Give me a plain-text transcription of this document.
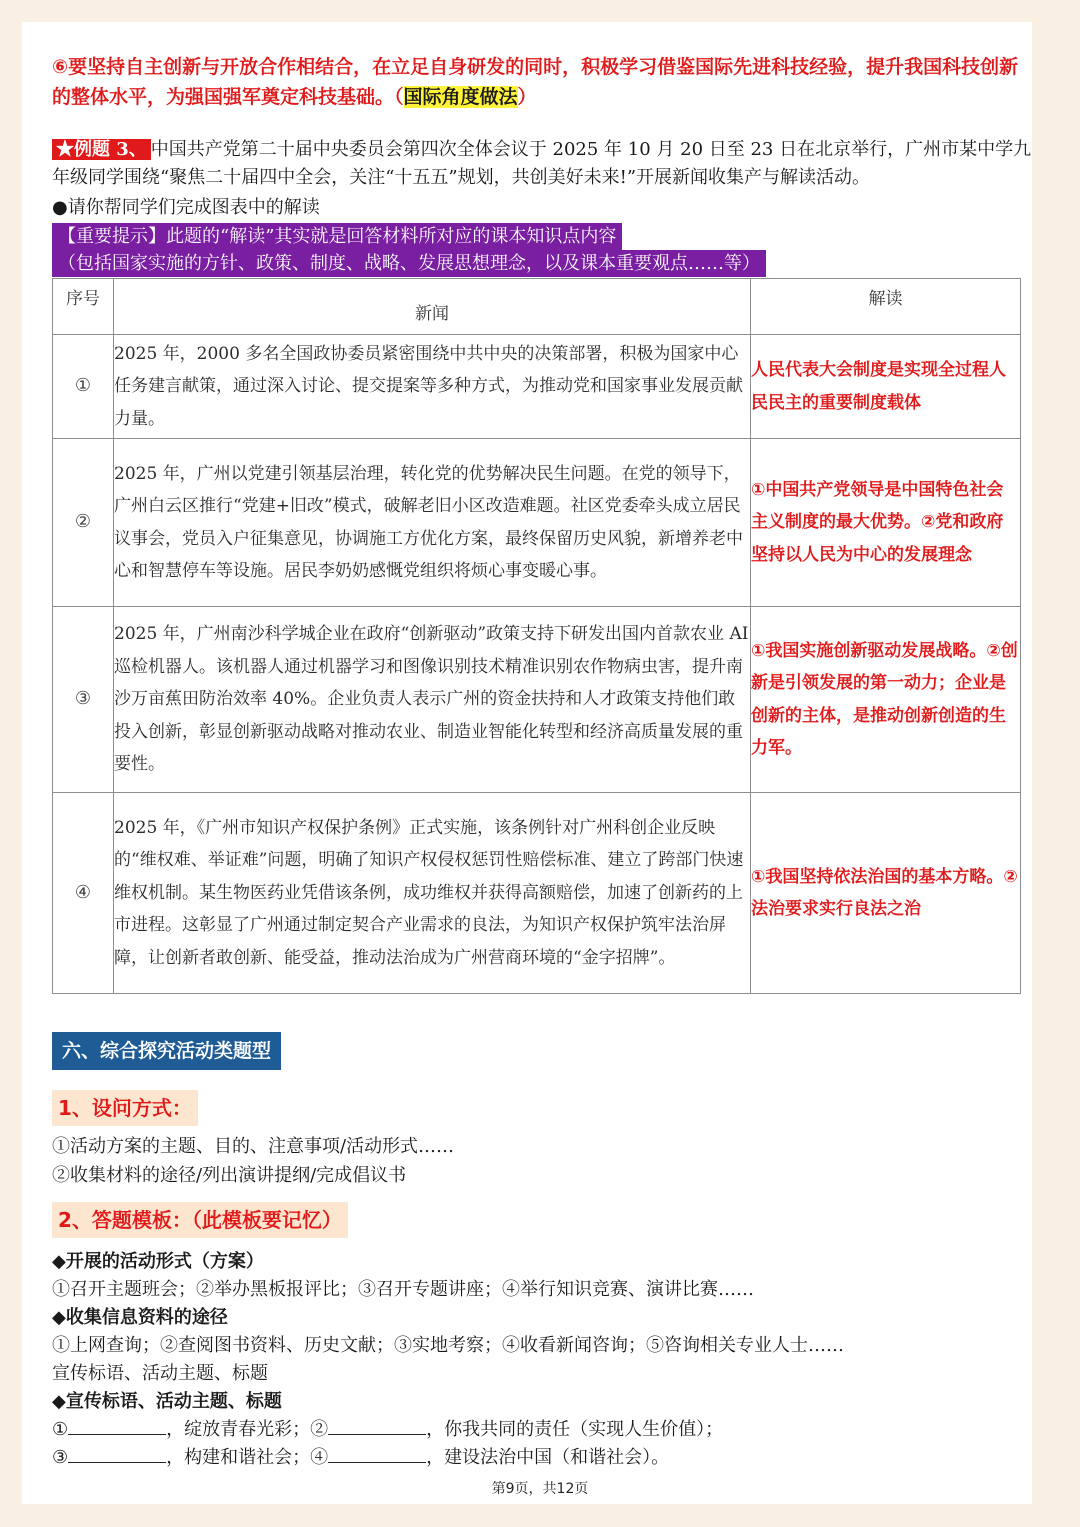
⑥要坚持自主创新与开放合作相结合，在立足自身研发的同时，积极学习借鉴国际先进科技经验，提升我国科技创新的整体水平，为强国强军奠定科技基础。（国际角度做法）
★例题 3、 中国共产党第二十届中央委员会第四次全体会议于 2025 年 10 月 20 日至 23 日在北京举行，广州市某中学九年级同学围绕“聚焦二十届四中全会，关注“十五五”规划，共创美好未来!”开展新闻收集产与解读活动。
●请你帮同学们完成图表中的解读
【重要提示】此题的“解读”其实就是回答材料所对应的课本知识点内容
（包括国家实施的方针、政策、制度、战略、发展思想理念，以及课本重要观点……等）
序号	新闻	解读
①	2025 年，2000 多名全国政协委员紧密围绕中共中央的决策部署，积极为国家中心任务建言献策，通过深入讨论、提交提案等多种方式，为推动党和国家事业发展贡献力量。	人民代表大会制度是实现全过程人民民主的重要制度载体
②	2025 年，广州以党建引领基层治理，转化党的优势解决民生问题。在党的领导下，广州白云区推行“党建+旧改”模式，破解老旧小区改造难题。社区党委牵头成立居民议事会，党员入户征集意见，协调施工方优化方案，最终保留历史风貌，新增养老中心和智慧停车等设施。居民李奶奶感慨党组织将烦心事变暖心事。	①中国共产党领导是中国特色社会主义制度的最大优势。②党和政府坚持以人民为中心的发展理念
③	2025 年，广州南沙科学城企业在政府“创新驱动”政策支持下研发出国内首款农业 AI 巡检机器人。该机器人通过机器学习和图像识别技术精准识别农作物病虫害，提升南沙万亩蕉田防治效率 40%。企业负责人表示广州的资金扶持和人才政策支持他们敢投入创新，彰显创新驱动战略对推动农业、制造业智能化转型和经济高质量发展的重要性。	①我国实施创新驱动发展战略。②创新是引领发展的第一动力；企业是创新的主体，是推动创新创造的生力军。
④	2025 年，《广州市知识产权保护条例》正式实施，该条例针对广州科创企业反映的“维权难、举证难”问题，明确了知识产权侵权惩罚性赔偿标准、建立了跨部门快速维权机制。某生物医药业凭借该条例，成功维权并获得高额赔偿，加速了创新药的上市进程。这彰显了广州通过制定契合产业需求的良法，为知识产权保护筑牢法治屏障，让创新者敢创新、能受益，推动法治成为广州营商环境的“金字招牌”。	①我国坚持依法治国的基本方略。②法治要求实行良法之治
六、综合探究活动类题型
1、设问方式：
①活动方案的主题、目的、注意事项/活动形式……
②收集材料的途径/列出演讲提纲/完成倡议书
2、答题模板：（此模板要记忆）
◆开展的活动形式（方案）
①召开主题班会；②举办黑板报评比；③召开专题讲座；④举行知识竞赛、演讲比赛……
◆收集信息资料的途径
①上网查询；②查阅图书资料、历史文献；③实地考察；④收看新闻咨询；⑤咨询相关专业人士……
宣传标语、活动主题、标题
◆宣传标语、活动主题、标题
①	，绽放青春光彩；②	，你我共同的责任（实现人生价值）；
③	，构建和谐社会；④	，建设法治中国（和谐社会）。
第9页，共12页
